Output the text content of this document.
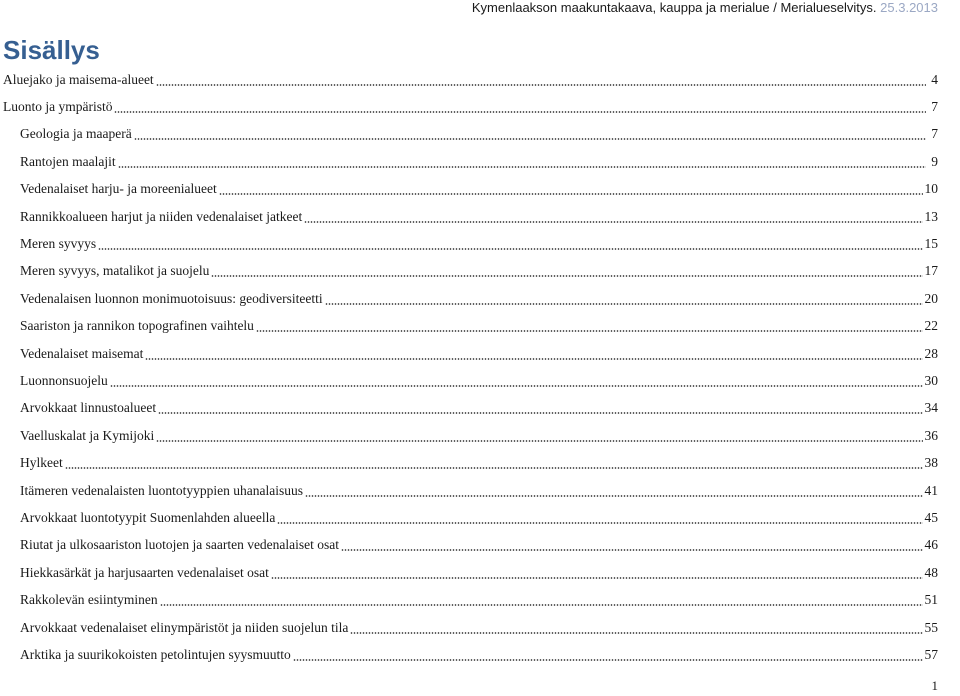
Kymenlaakson maakuntakaava, kauppa ja merialue / Merialueselvitys. 25.3.2013
Sisällys
Aluejako ja maisema-alueet	4
Luonto ja ympäristö	7
Geologia ja maaperä	7
Rantojen maalajit	9
Vedenalaiset harju- ja moreenialueet	10
Rannikkoalueen harjut ja niiden vedenalaiset jatkeet	13
Meren syvyys	15
Meren syvyys, matalikot ja suojelu	17
Vedenalaisen luonnon monimuotoisuus: geodiversiteetti	20
Saariston ja rannikon topografinen vaihtelu	22
Vedenalaiset maisemat	28
Luonnonsuojelu	30
Arvokkaat linnustoalueet	34
Vaelluskalat ja Kymijoki	36
Hylkeet	38
Itämeren vedenalaisten luontotyyppien uhanalaisuus	41
Arvokkaat luontotyypit Suomenlahden alueella	45
Riutat ja ulkosaariston luotojen ja saarten vedenalaiset osat	46
Hiekkasärkät ja harjusaarten vedenalaiset osat	48
Rakkolevän esiintyminen	51
Arvokkaat vedenalaiset elinympäristöt ja niiden suojelun tila	55
Arktika ja suurikokoisten petolintujen syysmuutto	57
1
